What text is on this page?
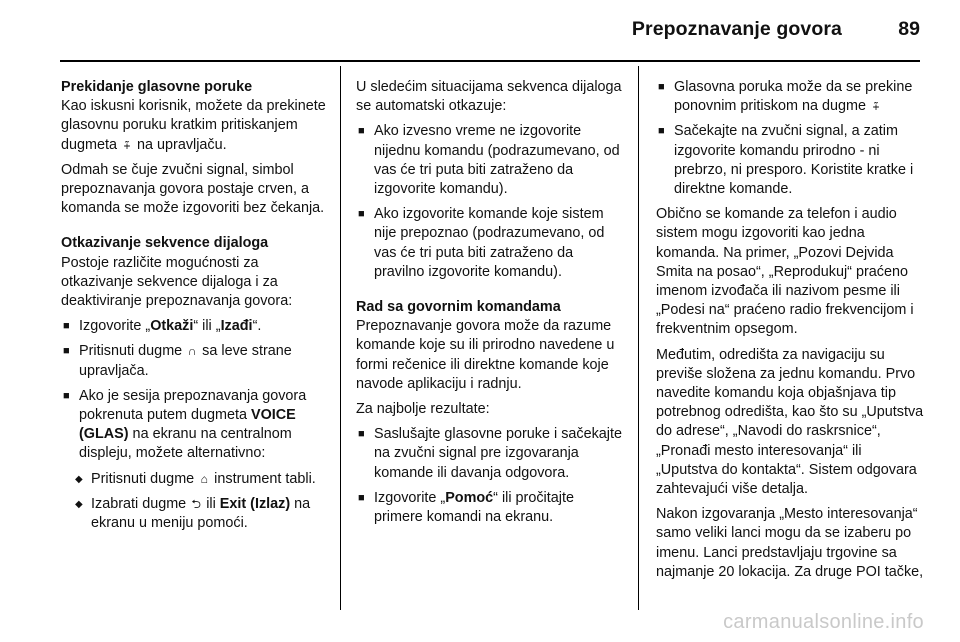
Prepoznavanje govora	89
Prekidanje glasovne poruke

Kao iskusni korisnik, možete da prekinete glasovnu poruku kratkim pritiskanjem dugmeta ⨤ na upravljaču.

Odmah se čuje zvučni signal, simbol prepoznavanja govora postaje crven, a komanda se može izgovoriti bez čekanja.

Otkazivanje sekvence dijaloga

Postoje različite mogućnosti za otkazivanje sekvence dijaloga i za deaktiviranje prepoznavanja govora:

■ Izgovorite „Otkaži“ ili „Izađi“.
■ Pritisnuti dugme ∩ sa leve strane upravljača.
■ Ako je sesija prepoznavanja govora pokrenuta putem dugmeta VOICE (GLAS) na ekranu na centralnom displeju, možete alternativno:
◆ Pritisnuti dugme ⌂ instrument tabli.
◆ Izabrati dugme ⮌ ili Exit (Izlaz) na ekranu u meniju pomoći.

U sledećim situacijama sekvenca dijaloga se automatski otkazuje:

■ Ako izvesno vreme ne izgovorite nijednu komandu (podrazumevano, od vas će tri puta biti zatraženo da izgovorite komandu).
■ Ako izgovorite komande koje sistem nije prepoznao (podrazumevano, od vas će tri puta biti zatraženo da pravilno izgovorite komandu).
Rad sa govornim komandama

Prepoznavanje govora može da razume komande koje su ili prirodno navedene u formi rečenice ili direktne komande koje navode aplikaciju i radnju.

Za najbolje rezultate:

■ Saslušajte glasovne poruke i sačekajte na zvučni signal pre izgovaranja komande ili davanja odgovora.
■ Izgovorite „Pomoć“ ili pročitajte primere komandi na ekranu.
■ Glasovna poruka može da se prekine ponovnim pritiskom na dugme ⨤
■ Sačekajte na zvučni signal, a zatim izgovorite komandu prirodno - ni prebrzo, ni presporo. Koristite kratke i direktne komande.

Obično se komande za telefon i audio sistem mogu izgovoriti kao jedna komanda. Na primer, „Pozovi Dejvida Smita na posao“, „Reprodukuj“ praćeno imenom izvođača ili nazivom pesme ili „Podesi na“ praćeno radio frekvencijom i frekventnim opsegom.

Međutim, odredišta za navigaciju su previše složena za jednu komandu. Prvo navedite komandu koja objašnjava tip potrebnog odredišta, kao što su „Uputstva do adrese“, „Navodi do raskrsnice“, „Pronađi mesto interesovanja“ ili „Uputstva do kontakta“. Sistem odgovara zahtevajući više detalja.

Nakon izgovaranja „Mesto interesovanja“ samo veliki lanci mogu da se izaberu po imenu. Lanci predstavljaju trgovine sa najmanje 20 lokacija. Za druge POI tačke,

carmanualsonline.info
